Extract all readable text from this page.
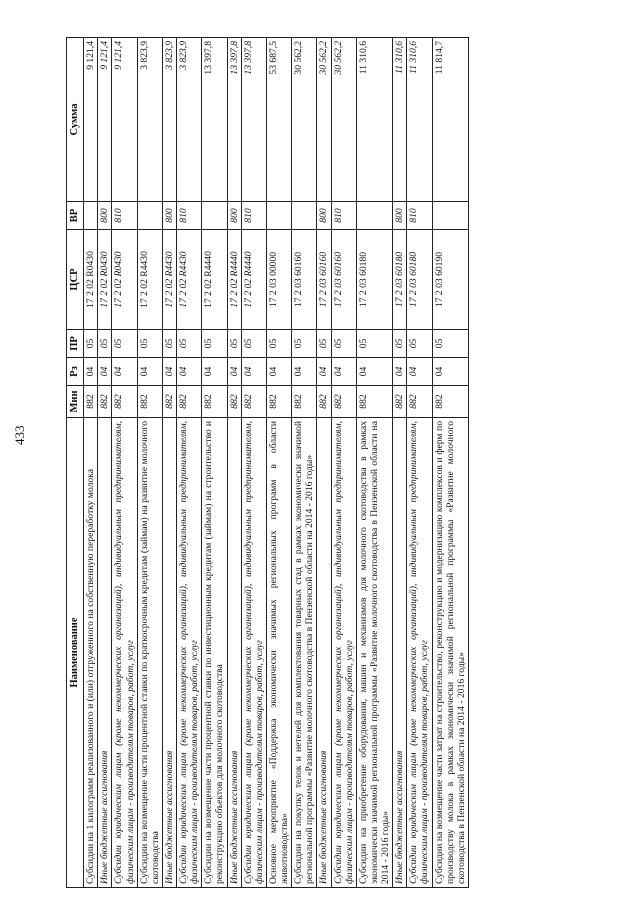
433
Наименование	Мин	Рз	ПР	ЦСР	ВР	Сумма
Субсидии на 1 килограмм реализованного и (или) отгруженного на собственную переработку молока	882	04	05	17 2 02 R0430		9 121,4
Иные бюджетные ассигнования	882	04	05	17 2 02 R0430	800	9 121,4
Субсидии юридическим лицам (кроме некоммерческих организаций), индивидуальным предпринимателям, физическим лицам - производителям товаров, работ, услуг	882	04	05	17 2 02 R0430	810	9 121,4
Субсидии на возмещение части процентной ставки по краткосрочным кредитам (займам) на развитие молочного скотоводства	882	04	05	17 2 02 R4430		3 823,9
Иные бюджетные ассигнования	882	04	05	17 2 02 R4430	800	3 823,9
Субсидии юридическим лицам (кроме некоммерческих организаций), индивидуальным предпринимателям, физическим лицам - производителям товаров, работ, услуг	882	04	05	17 2 02 R4430	810	3 823,9
Субсидии на возмещение части процентной ставки по инвестиционным кредитам (займам) на строительство и реконструкцию объектов для молочного скотоводства	882	04	05	17 2 02 R4440		13 397,8
Иные бюджетные ассигнования	882	04	05	17 2 02 R4440	800	13 397,8
Субсидии юридическим лицам (кроме некоммерческих организаций), индивидуальным предпринимателям, физическим лицам - производителям товаров, работ, услуг	882	04	05	17 2 02 R4440	810	13 397,8
Основное мероприятие «Поддержка экономически значимых региональных программ в области животноводства»	882	04	05	17 2 03 00000		53 687,5
Субсидии на покупку телок и нетелей для комплектования товарных стад в рамках экономически значимой региональной программы «Развитие молочного скотоводства в Пензенской области на 2014 - 2016 годы»	882	04	05	17 2 03 60160		30 562,2
Иные бюджетные ассигнования	882	04	05	17 2 03 60160	800	30 562,2
Субсидии юридическим лицам (кроме некоммерческих организаций), индивидуальным предпринимателям, физическим лицам - производителям товаров, работ, услуг	882	04	05	17 2 03 60160	810	30 562,2
Субсидии на приобретение оборудования, машин и механизмов для молочного скотоводства в рамках экономически значимой региональной программы «Развитие молочного скотоводства в Пензенской области на 2014 - 2016 годы»	882	04	05	17 2 03 60180		11 310,6
Иные бюджетные ассигнования	882	04	05	17 2 03 60180	800	11 310,6
Субсидии юридическим лицам (кроме некоммерческих организаций), индивидуальным предпринимателям, физическим лицам - производителям товаров, работ, услуг	882	04	05	17 2 03 60180	810	11 310,6
Субсидии на возмещение части затрат на строительство, реконструкцию и модернизацию комплексов и ферм по производству молока в рамках экономически значимой региональной программы «Развитие молочного скотоводства в Пензенской области на 2014 - 2016 годы»	882	04	05	17 2 03 60190		11 814,7
